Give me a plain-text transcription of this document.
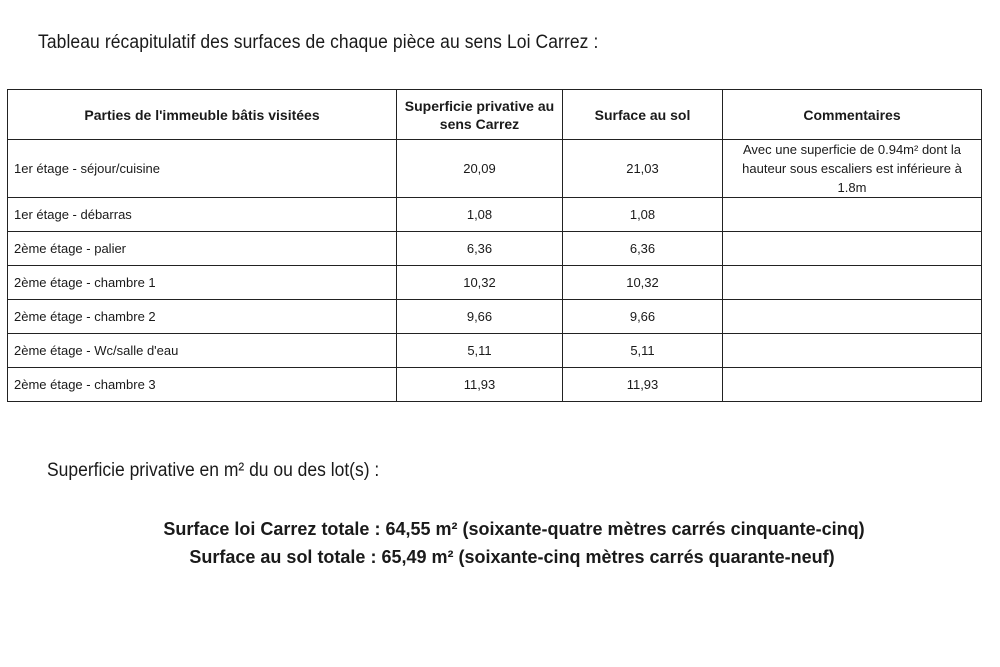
Tableau récapitulatif des surfaces de chaque pièce au sens Loi Carrez :
Parties de l'immeuble bâtis visitées	Superficie privative au sens Carrez	Surface au sol	Commentaires
1er étage - séjour/cuisine	20,09	21,03	Avec une superficie de 0.94m² dont la hauteur sous escaliers est inférieure à 1.8m
1er étage - débarras	1,08	1,08	
2ème étage - palier	6,36	6,36	
2ème étage - chambre 1	10,32	10,32	
2ème étage - chambre 2	9,66	9,66	
2ème étage - Wc/salle d'eau	5,11	5,11	
2ème étage - chambre 3	11,93	11,93	
Superficie privative en m² du ou des lot(s) :
Surface loi Carrez totale : 64,55 m² (soixante-quatre mètres carrés cinquante-cinq)
Surface au sol totale : 65,49 m² (soixante-cinq mètres carrés quarante-neuf)
